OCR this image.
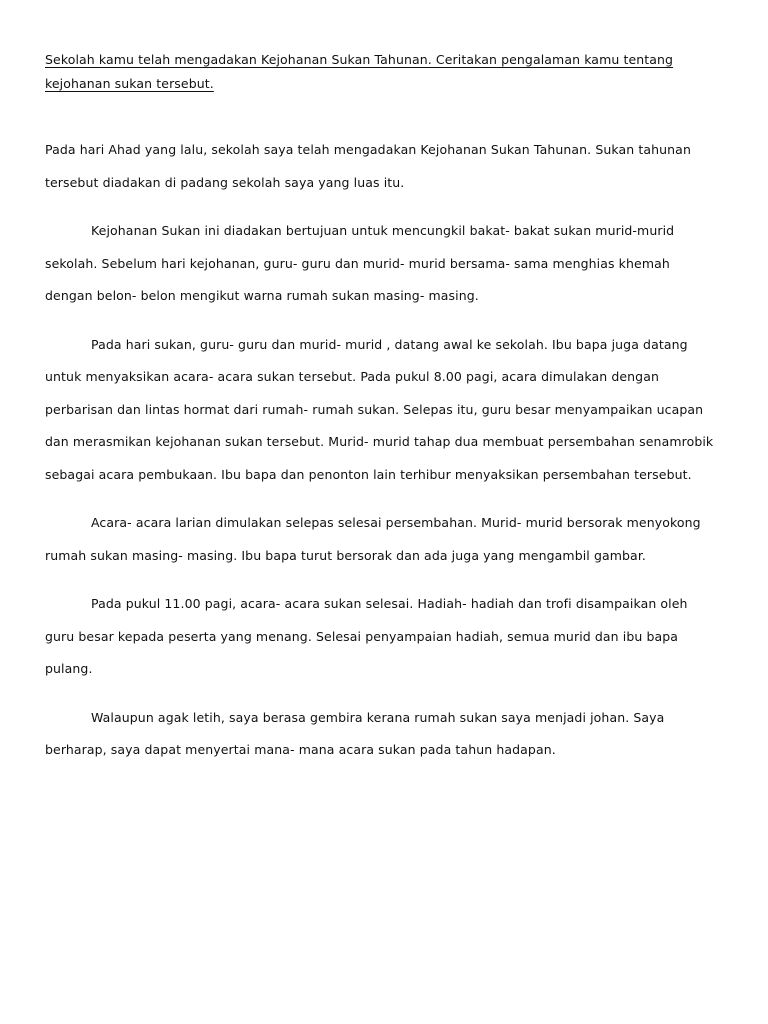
Sekolah kamu telah mengadakan Kejohanan Sukan Tahunan. Ceritakan pengalaman kamu tentang kejohanan sukan tersebut.

Pada hari Ahad yang lalu, sekolah saya telah mengadakan Kejohanan Sukan Tahunan. Sukan tahunan tersebut diadakan di padang sekolah saya yang luas itu.

Kejohanan Sukan ini diadakan bertujuan untuk mencungkil bakat- bakat sukan murid-murid sekolah. Sebelum hari kejohanan, guru- guru dan murid- murid bersama- sama menghias khemah dengan belon- belon mengikut warna rumah sukan masing- masing.

Pada hari sukan, guru- guru dan murid- murid , datang awal ke sekolah. Ibu bapa juga datang untuk menyaksikan acara- acara sukan tersebut. Pada pukul 8.00 pagi, acara dimulakan dengan perbarisan dan lintas hormat dari rumah- rumah sukan. Selepas itu, guru besar menyampaikan ucapan dan merasmikan kejohanan sukan tersebut. Murid- murid tahap dua membuat persembahan senamrobik sebagai acara pembukaan. Ibu bapa dan penonton lain terhibur menyaksikan persembahan tersebut.

Acara- acara larian dimulakan selepas selesai persembahan. Murid- murid bersorak menyokong rumah sukan masing- masing. Ibu bapa turut bersorak dan ada juga yang mengambil gambar.

Pada pukul 11.00 pagi, acara- acara sukan selesai. Hadiah- hadiah dan trofi disampaikan oleh guru besar kepada peserta yang menang. Selesai penyampaian hadiah, semua murid dan ibu bapa pulang.

Walaupun agak letih, saya berasa gembira kerana rumah sukan saya menjadi johan. Saya berharap, saya dapat menyertai mana- mana acara sukan pada tahun hadapan.
